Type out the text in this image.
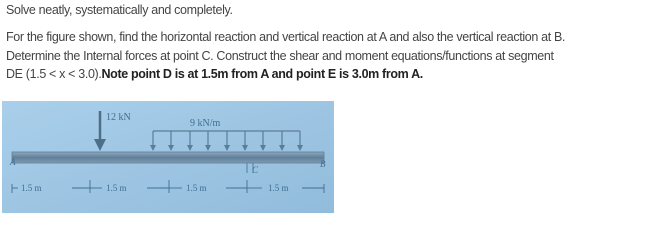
Solve neatly, systematically and completely.
For the figure shown, find the horizontal reaction and vertical reaction at A and also the vertical reaction at B.
Determine the Internal forces at point C. Construct the shear and moment equations/functions at segment
DE (1.5 < x < 3.0).Note point D is at 1.5m from A and point E is 3.0m from A.
12 kN
9 kN/m
A	B
C
1.5 m	1.5 m	1.5 m	1.5 m
